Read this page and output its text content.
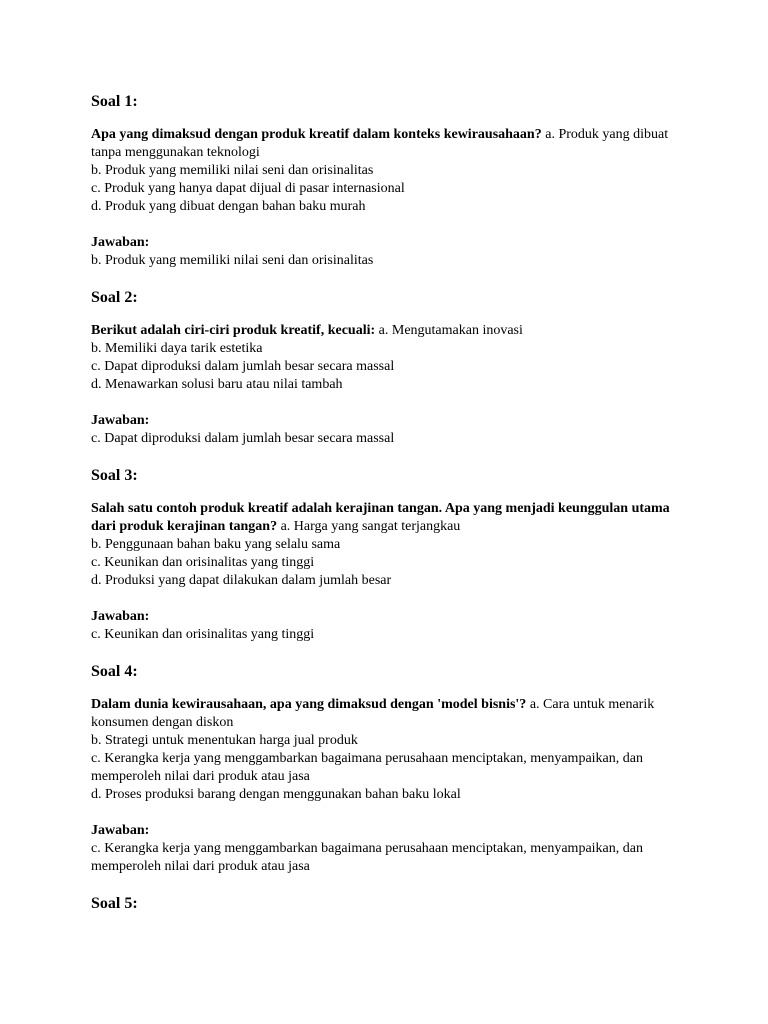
Soal 1:
Apa yang dimaksud dengan produk kreatif dalam konteks kewirausahaan? a. Produk yang dibuat tanpa menggunakan teknologi
b. Produk yang memiliki nilai seni dan orisinalitas
c. Produk yang hanya dapat dijual di pasar internasional
d. Produk yang dibuat dengan bahan baku murah
Jawaban:
b. Produk yang memiliki nilai seni dan orisinalitas
Soal 2:
Berikut adalah ciri-ciri produk kreatif, kecuali: a. Mengutamakan inovasi
b. Memiliki daya tarik estetika
c. Dapat diproduksi dalam jumlah besar secara massal
d. Menawarkan solusi baru atau nilai tambah
Jawaban:
c. Dapat diproduksi dalam jumlah besar secara massal
Soal 3:
Salah satu contoh produk kreatif adalah kerajinan tangan. Apa yang menjadi keunggulan utama dari produk kerajinan tangan? a. Harga yang sangat terjangkau
b. Penggunaan bahan baku yang selalu sama
c. Keunikan dan orisinalitas yang tinggi
d. Produksi yang dapat dilakukan dalam jumlah besar
Jawaban:
c. Keunikan dan orisinalitas yang tinggi
Soal 4:
Dalam dunia kewirausahaan, apa yang dimaksud dengan 'model bisnis'? a. Cara untuk menarik konsumen dengan diskon
b. Strategi untuk menentukan harga jual produk
c. Kerangka kerja yang menggambarkan bagaimana perusahaan menciptakan, menyampaikan, dan memperoleh nilai dari produk atau jasa
d. Proses produksi barang dengan menggunakan bahan baku lokal
Jawaban:
c. Kerangka kerja yang menggambarkan bagaimana perusahaan menciptakan, menyampaikan, dan memperoleh nilai dari produk atau jasa
Soal 5:
